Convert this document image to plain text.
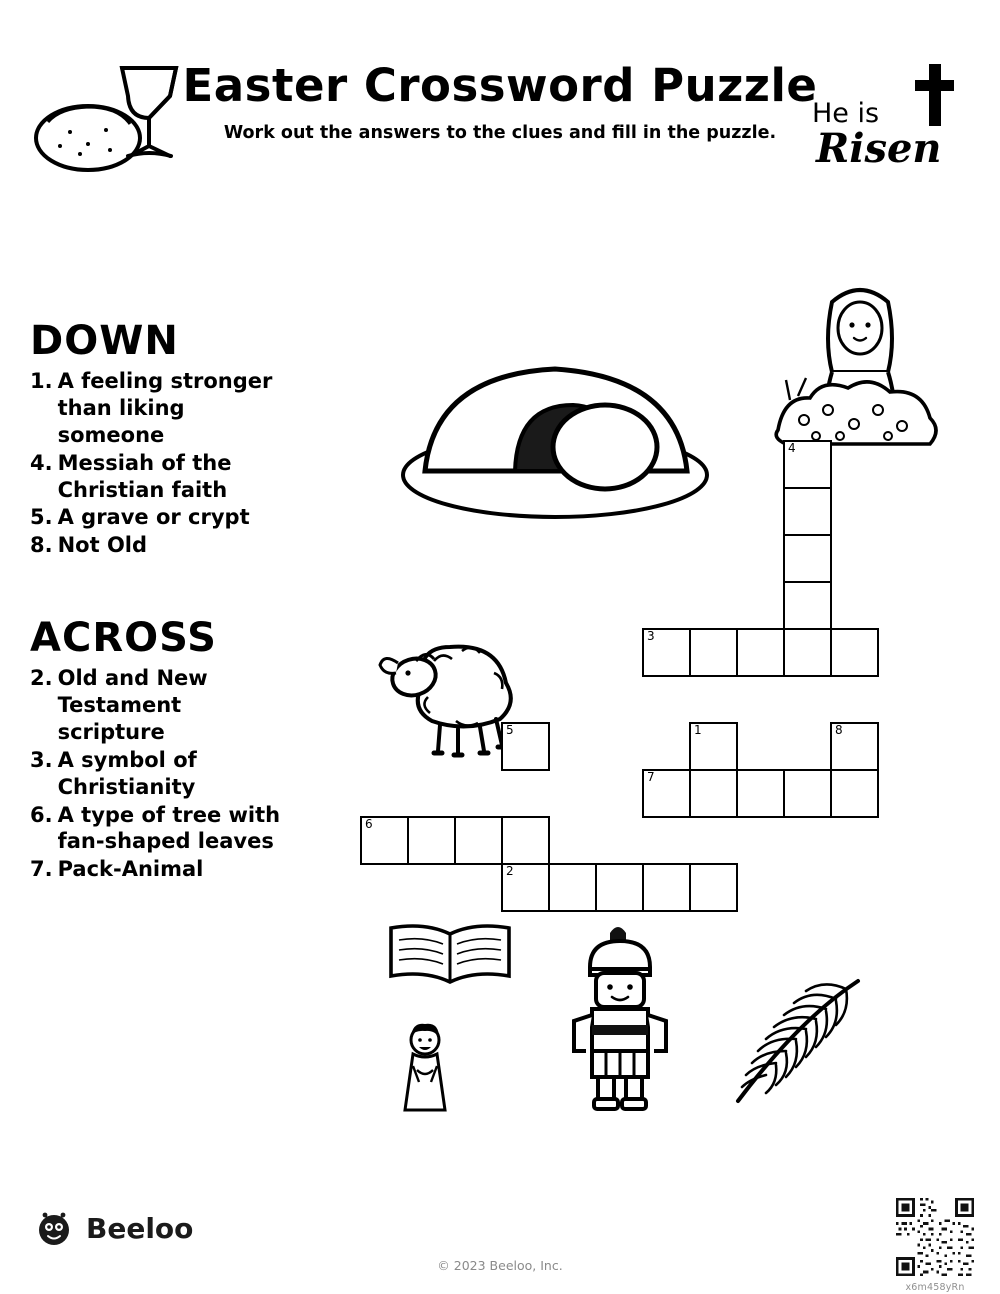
Easter Crossword Puzzle
Work out the answers to the clues and fill in the puzzle.
He is
Risen
DOWN
1. A feeling stronger than liking someone
4. Messiah of the Christian faith
5. A grave or crypt
8. Not Old
ACROSS
2. Old and New Testament scripture
3. A symbol of Christianity
6. A type of tree with fan-shaped leaves
7. Pack-Animal
4
3
5	1	8
7
6
2
Beeloo
© 2023 Beeloo, Inc.
x6m458yRn
